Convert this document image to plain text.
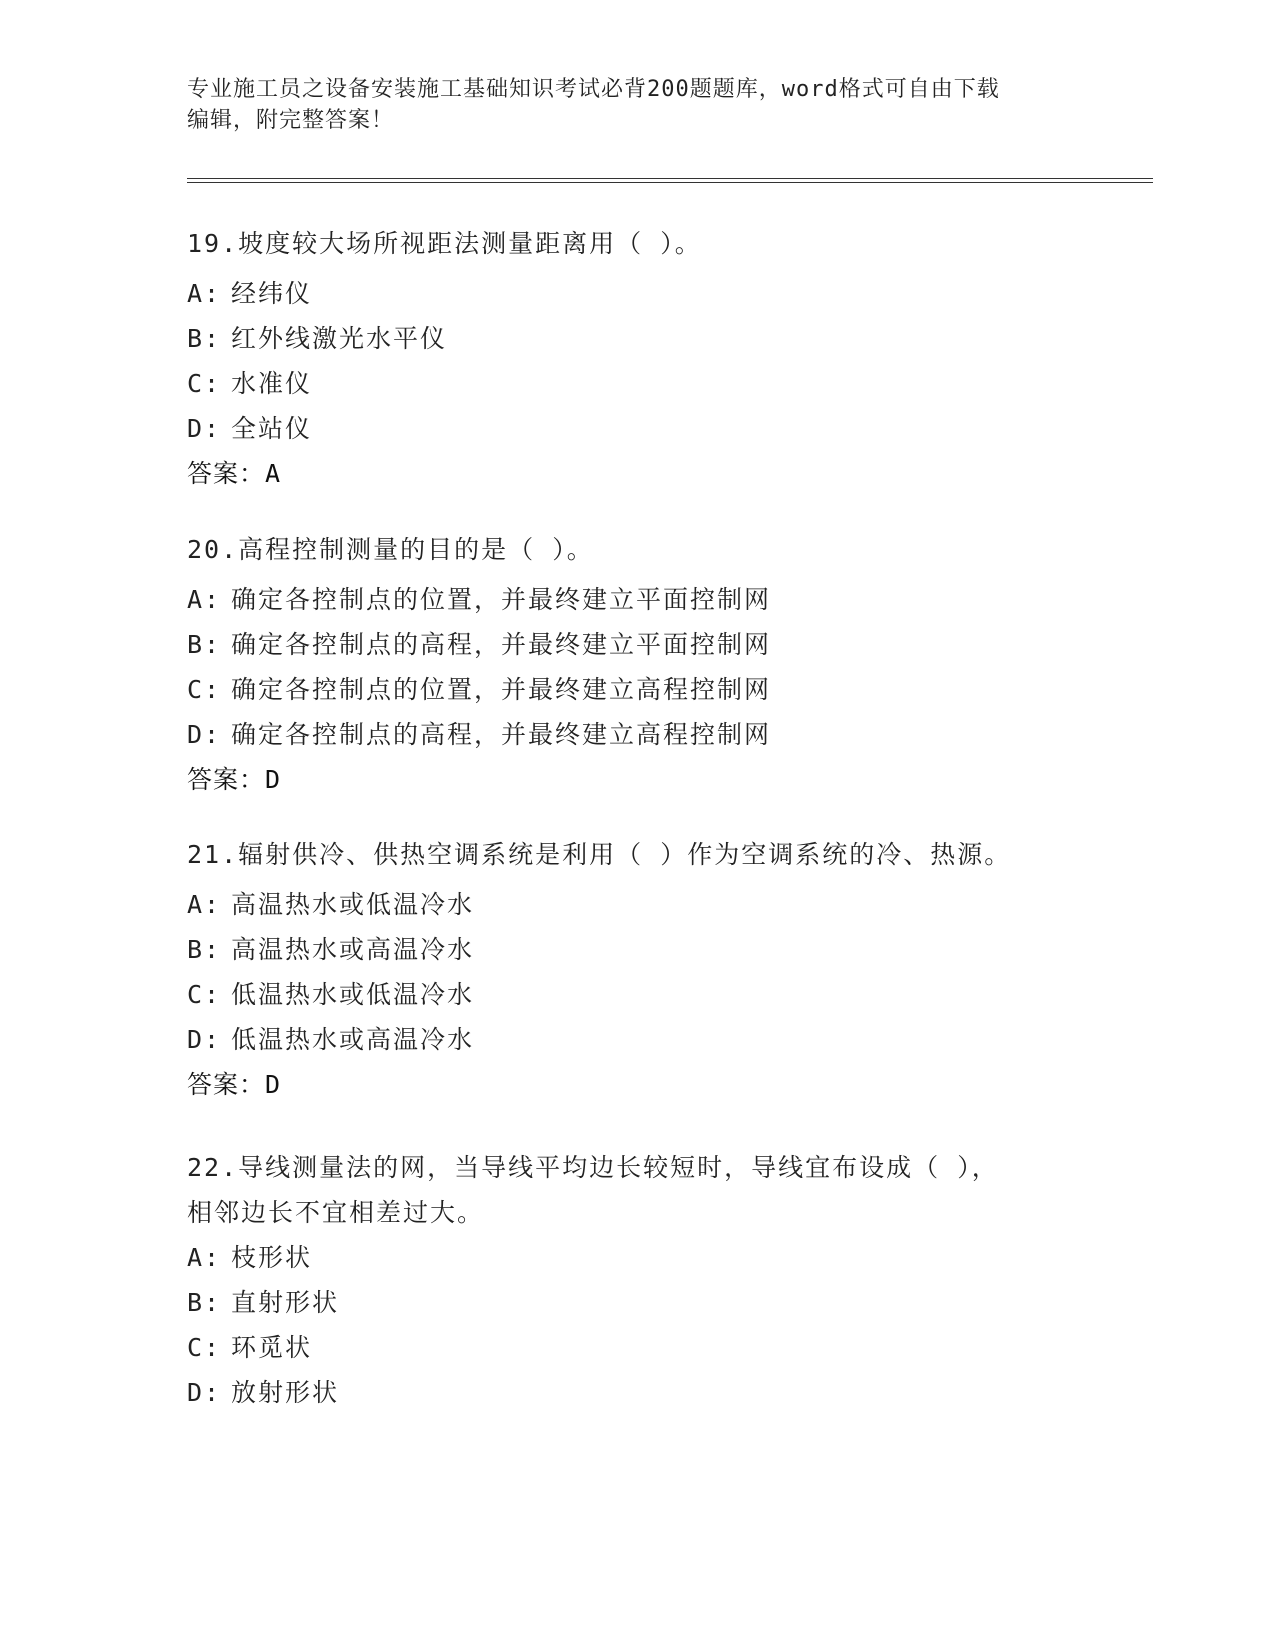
专业施工员之设备安装施工基础知识考试必背200题题库，word格式可自由下载
编辑，附完整答案！
19.坡度较大场所视距法测量距离用（ ）。
A: 经纬仪
B: 红外线激光水平仪
C: 水准仪
D: 全站仪
答案：A
20.高程控制测量的目的是（ ）。
A: 确定各控制点的位置，并最终建立平面控制网
B: 确定各控制点的高程，并最终建立平面控制网
C: 确定各控制点的位置，并最终建立高程控制网
D: 确定各控制点的高程，并最终建立高程控制网
答案：D
21.辐射供冷、供热空调系统是利用（ ）作为空调系统的冷、热源。
A: 高温热水或低温冷水
B: 高温热水或高温冷水
C: 低温热水或低温冷水
D: 低温热水或高温冷水
答案：D
22.导线测量法的网，当导线平均边长较短时，导线宜布设成（ ），
相邻边长不宜相差过大。
A: 枝形状
B: 直射形状
C: 环觅状
D: 放射形状
